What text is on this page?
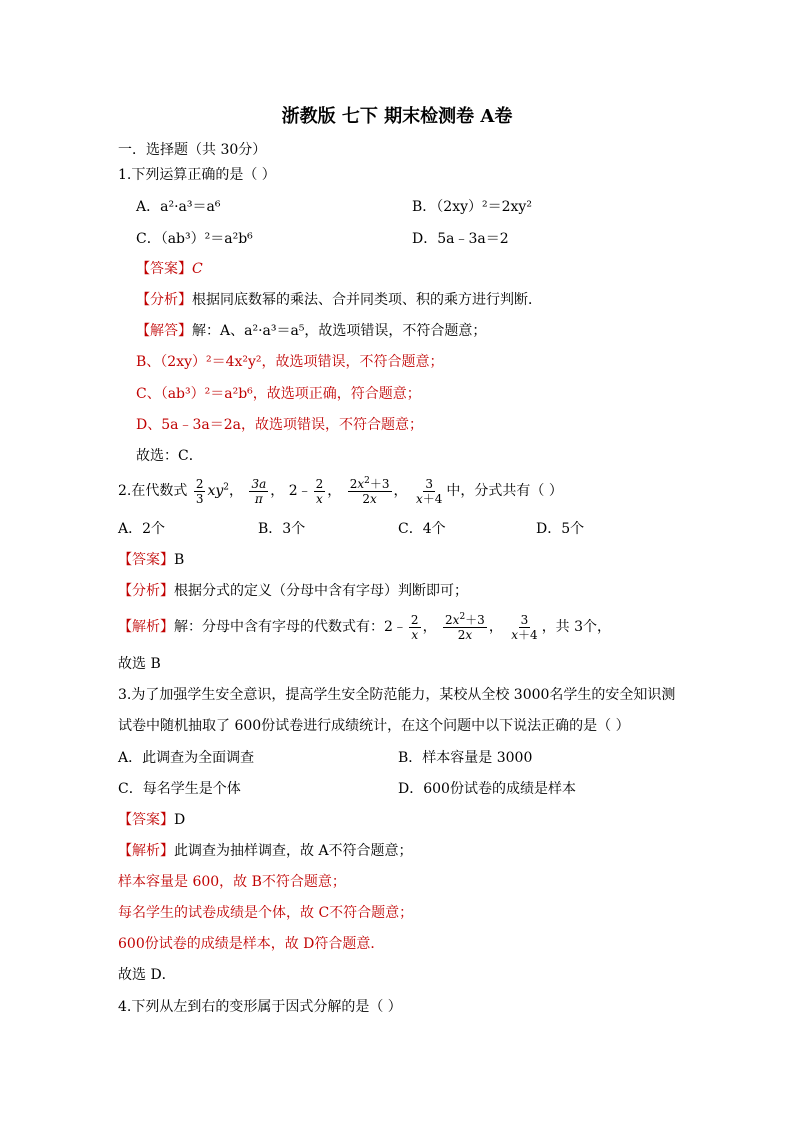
浙教版 七下 期末检测卷 A卷
一．选择题（共 30分）
1.下列运算正确的是（ ）
A．a²·a³＝a⁶	B．（2xy）²＝2xy²
C．（ab³）²＝a²b⁶	D．5a﹣3a＝2
【答案】C
【分析】根据同底数幂的乘法、合并同类项、积的乘方进行判断．
【解答】解：A、a²·a³＝a⁵，故选项错误，不符合题意；
B、（2xy）²＝4x²y²，故选项错误，不符合题意；
C、（ab³）²＝a²b⁶，故选项正确，符合题意；
D、5a﹣3a＝2a，故选项错误，不符合题意；
故选：C．
2.在代数式 $\frac{2}{3} xy^2$， $\frac{3a}{\pi}$ ， 2﹣ $\frac{2}{x}$ ， $\frac{2x^2+3}{2x}$ ， $\frac{3}{x+4}$ 中，分式共有（ ）
A．2个	B．3个	C．4个	D．5个
【答案】B
【分析】根据分式的定义（分母中含有字母）判断即可；
【解析】解：分母中含有字母的代数式有：2﹣ $\frac{2}{x}$ ， $\frac{2x^2+3}{2x}$ ， $\frac{3}{x+4}$ ，共 3个，
故选 B
3.为了加强学生安全意识，提高学生安全防范能力，某校从全校 3000名学生的安全知识测
试卷中随机抽取了 600份试卷进行成绩统计，在这个问题中以下说法正确的是（ ）
A．此调查为全面调查	B．样本容量是 3000
C．每名学生是个体	D．600份试卷的成绩是样本
【答案】D
【解析】此调查为抽样调查，故 A不符合题意；
样本容量是 600，故 B不符合题意；
每名学生的试卷成绩是个体，故 C不符合题意；
600份试卷的成绩是样本，故 D符合题意．
故选 D．
4.下列从左到右的变形属于因式分解的是（ ）
